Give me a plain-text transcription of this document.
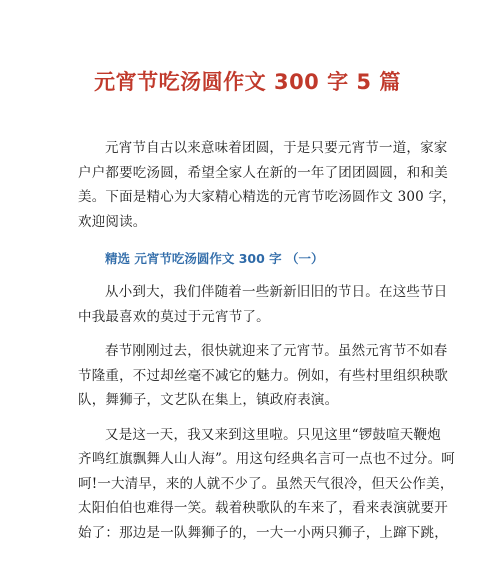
元宵节吃汤圆作文 300 字 5 篇
元宵节自古以来意味着团圆，于是只要元宵节一道，家家
户户都要吃汤圆，希望全家人在新的一年了团团圆圆，和和美
美。下面是精心为大家精心精选的元宵节吃汤圆作文 300 字，
欢迎阅读。
精选 元宵节吃汤圆作文 300 字 （一）
从小到大，我们伴随着一些新新旧旧的节日。在这些节日
中我最喜欢的莫过于元宵节了。
春节刚刚过去，很快就迎来了元宵节。虽然元宵节不如春
节隆重，不过却丝毫不减它的魅力。例如，有些村里组织秧歌
队，舞狮子，文艺队在集上，镇政府表演。
又是这一天，我又来到这里啦。只见这里“锣鼓喧天鞭炮
齐鸣红旗飘舞人山人海”。用这句经典名言可一点也不过分。呵
呵!一大清早，来的人就不少了。虽然天气很冷，但天公作美，
太阳伯伯也难得一笑。载着秧歌队的车来了，看来表演就要开
始了：那边是一队舞狮子的，一大一小两只狮子，上蹿下跳，
